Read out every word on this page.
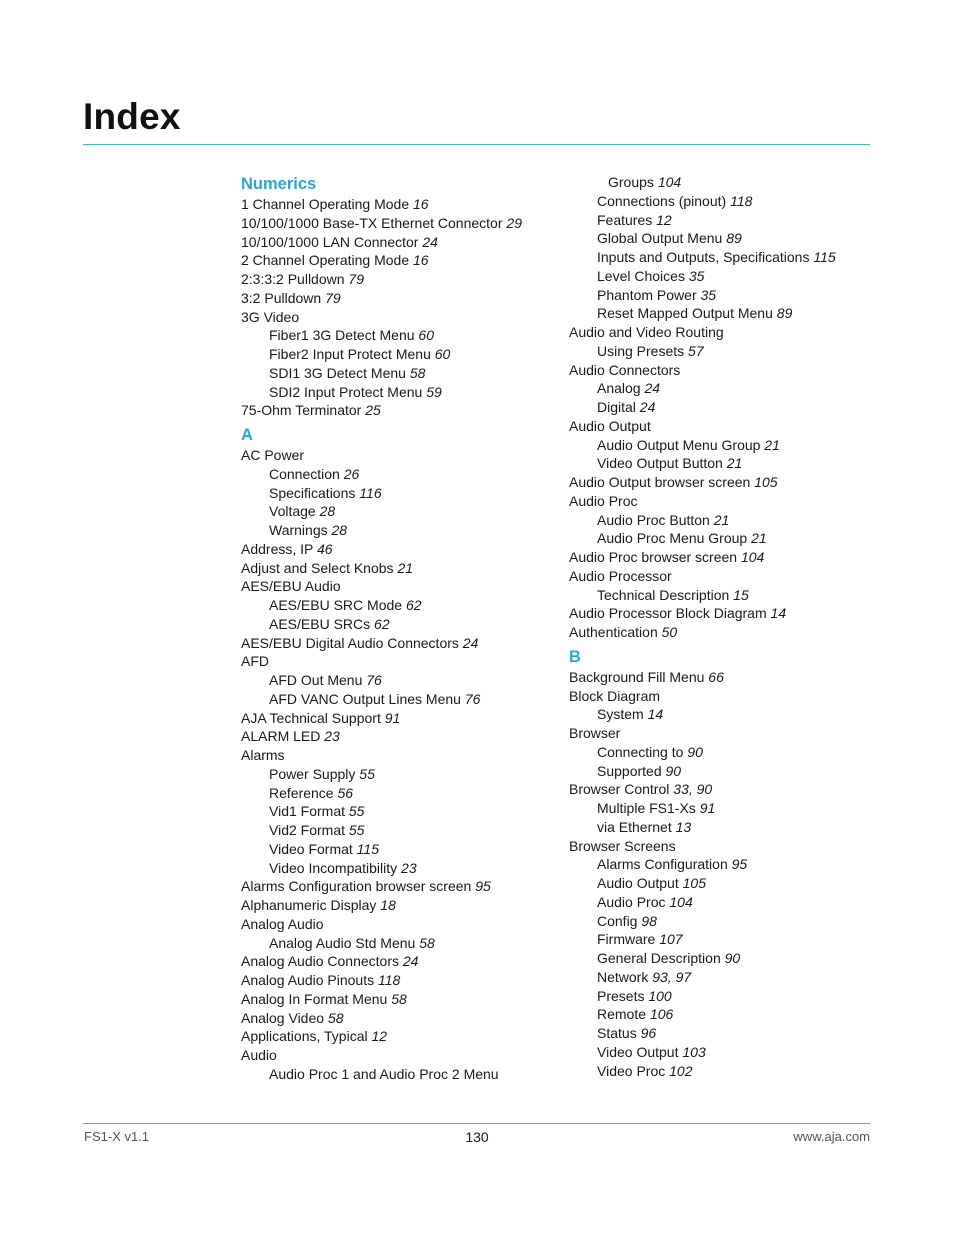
Index
Numerics
1 Channel Operating Mode 16
10/100/1000 Base-TX Ethernet Connector 29
10/100/1000 LAN Connector 24
2 Channel Operating Mode 16
2:3:3:2 Pulldown 79
3:2 Pulldown 79
3G Video
Fiber1 3G Detect Menu 60
Fiber2 Input Protect Menu 60
SDI1 3G Detect Menu 58
SDI2 Input Protect Menu 59
75-Ohm Terminator 25
A
AC Power
Connection 26
Specifications 116
Voltage 28
Warnings 28
Address, IP 46
Adjust and Select Knobs 21
AES/EBU Audio
AES/EBU SRC Mode 62
AES/EBU SRCs 62
AES/EBU Digital Audio Connectors 24
AFD
AFD Out Menu 76
AFD VANC Output Lines Menu 76
AJA Technical Support 91
ALARM LED 23
Alarms
Power Supply 55
Reference 56
Vid1 Format 55
Vid2 Format 55
Video Format 115
Video Incompatibility 23
Alarms Configuration browser screen 95
Alphanumeric Display 18
Analog Audio
Analog Audio Std Menu 58
Analog Audio Connectors 24
Analog Audio Pinouts 118
Analog In Format Menu 58
Analog Video 58
Applications, Typical 12
Audio
Audio Proc 1 and Audio Proc 2 Menu
Groups 104
Connections (pinout) 118
Features 12
Global Output Menu 89
Inputs and Outputs, Specifications 115
Level Choices 35
Phantom Power 35
Reset Mapped Output Menu 89
Audio and Video Routing
Using Presets 57
Audio Connectors
Analog 24
Digital 24
Audio Output
Audio Output Menu Group 21
Video Output Button 21
Audio Output browser screen 105
Audio Proc
Audio Proc Button 21
Audio Proc Menu Group 21
Audio Proc browser screen 104
Audio Processor
Technical Description 15
Audio Processor Block Diagram 14
Authentication 50
B
Background Fill Menu 66
Block Diagram
System 14
Browser
Connecting to 90
Supported 90
Browser Control 33, 90
Multiple FS1-Xs 91
via Ethernet 13
Browser Screens
Alarms Configuration 95
Audio Output 105
Audio Proc 104
Config 98
Firmware 107
General Description 90
Network 93, 97
Presets 100
Remote 106
Status 96
Video Output 103
Video Proc 102
FS1-X v1.1	130	www.aja.com
